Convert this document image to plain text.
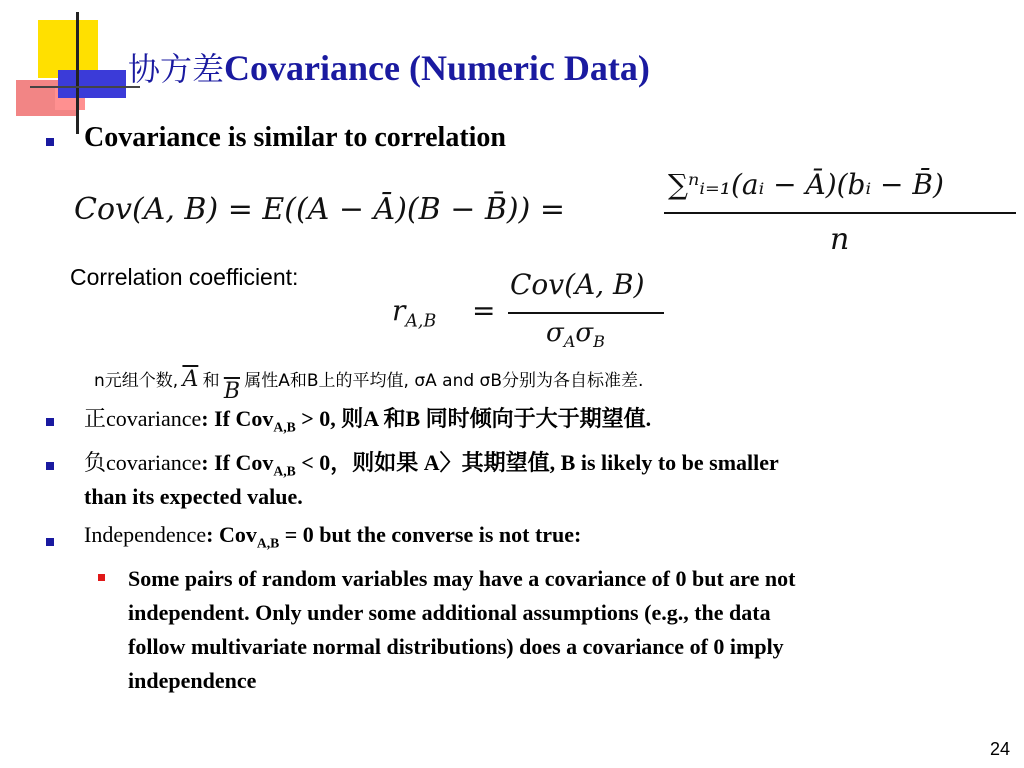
协方差Covariance (Numeric Data)
Covariance is similar to correlation
Cov(A, B) = E((A − Ā)(B − B̄)) =
∑ⁿᵢ₌₁(aᵢ − Ā)(bᵢ − B̄)
n
Correlation coefficient:
$r_{A,B}$ =
Cov(A, B)
$\sigma_A\sigma_B$
n元组个数, $\overline{A}$ 和 $\overline{B}$ 属性A和B上的平均值, σA and σB分别为各自标准差.
正covariance: If Cov$_{A,B}$ > 0, 则A 和B 同时倾向于大于期望值.
负covariance: If Cov$_{A,B}$ < 0，则如果 A〉其期望值, B is likely to be smaller
than its expected value.
Independence: Cov$_{A,B}$ = 0 but the converse is not true:
Some pairs of random variables may have a covariance of 0 but are not
independent. Only under some additional assumptions (e.g., the data
follow multivariate normal distributions) does a covariance of 0 imply
independence
24
